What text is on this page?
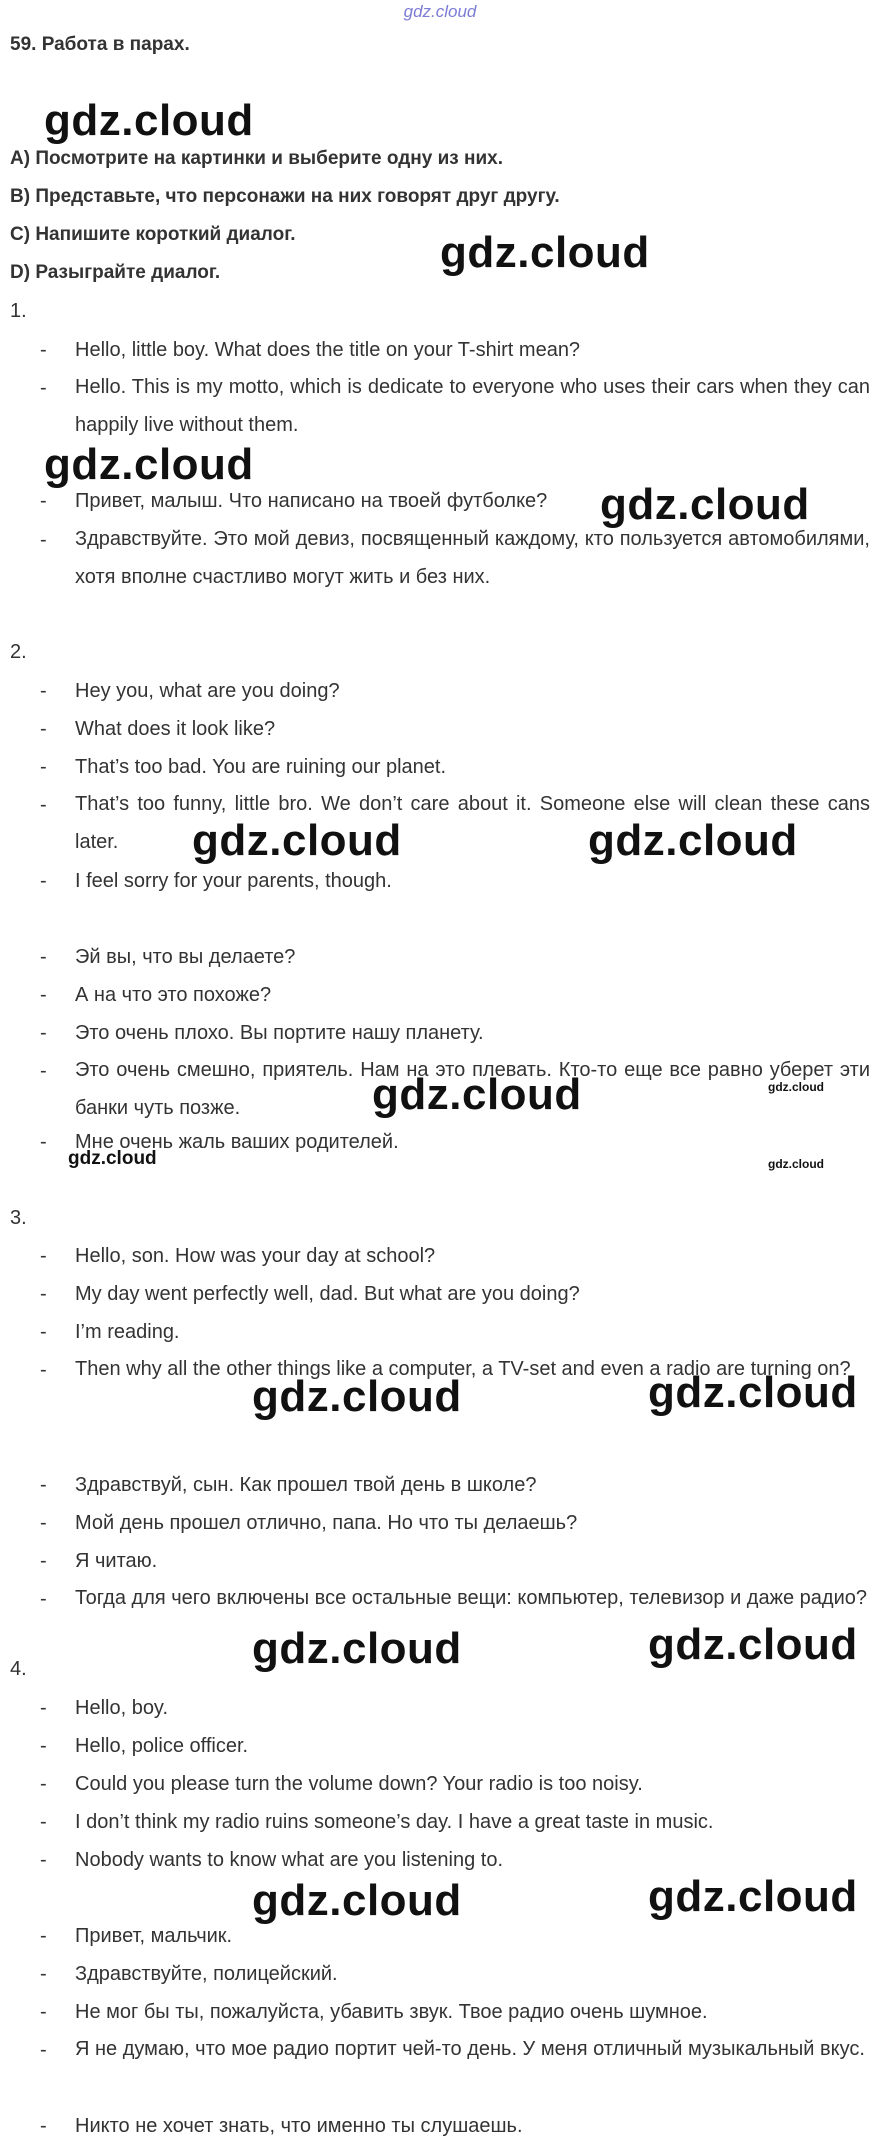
gdz.cloud
59. Работа в парах.
gdz.cloud
A) Посмотрите на картинки и выберите одну из них.
B) Представьте, что персонажи на них говорят друг другу.
C) Напишите короткий диалог.
D) Разыграйте диалог.	gdz.cloud
1.
- Hello, little boy. What does the title on your T-shirt mean?
- Hello. This is my motto, which is dedicate to everyone who uses their cars when they can happily live without them.
gdz.cloud
- Привет, малыш. Что написано на твоей футболке? gdz.cloud
- Здравствуйте. Это мой девиз, посвященный каждому, кто пользуется автомобилями, хотя вполне счастливо могут жить и без них.
2.
- Hey you, what are you doing?
- What does it look like?
- That’s too bad. You are ruining our planet.
- That’s too funny, little bro. We don’t care about it. Someone else will clean these cans later.	gdz.cloud	gdz.cloud
- I feel sorry for your parents, though.
- Эй вы, что вы делаете?
- А на что это похоже?
- Это очень плохо. Вы портите нашу планету.
- Это очень смешно, приятель. Нам на это плевать. Кто-то еще все равно уберет эти банки чуть позже.	gdz.cloud	gdz.cloud
- Мне очень жаль ваших родителей.
gdz.cloud	gdz.cloud
3.
- Hello, son. How was your day at school?
- My day went perfectly well, dad. But what are you doing?
- I’m reading.
- Then why all the other things like a computer, a TV-set and even a radio are turning on?
gdz.cloud	gdz.cloud
- Здравствуй, сын. Как прошел твой день в школе?
- Мой день прошел отлично, папа. Но что ты делаешь?
- Я читаю.
- Тогда для чего включены все остальные вещи: компьютер, телевизор и даже радио?
gdz.cloud	gdz.cloud
4.
- Hello, boy.
- Hello, police officer.
- Could you please turn the volume down? Your radio is too noisy.
- I don’t think my radio ruins someone’s day. I have a great taste in music.
- Nobody wants to know what are you listening to.
gdz.cloud	gdz.cloud
- Привет, мальчик.
- Здравствуйте, полицейский.
- Не мог бы ты, пожалуйста, убавить звук. Твое радио очень шумное.
- Я не думаю, что мое радио портит чей-то день. У меня отличный музыкальный вкус.
- Никто не хочет знать, что именно ты слушаешь.
